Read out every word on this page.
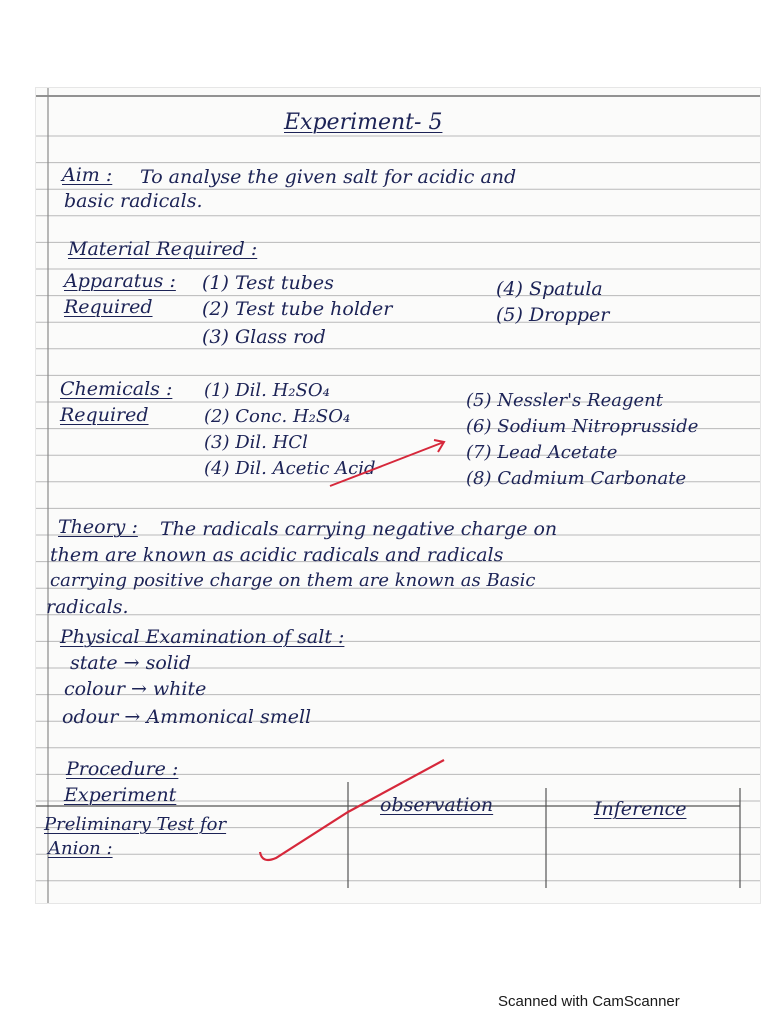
Experiment- 5
Aim : To analyse the given salt for acidic and
basic radicals.
Material Required :
Apparatus :
Required
(1) Test tubes
(2) Test tube holder
(3) Glass rod
(4) Spatula
(5) Dropper
Chemicals :
Required
(1) Dil. H₂SO₄
(2) Conc. H₂SO₄
(3) Dil. HCl
(4) Dil. Acetic Acid
(5) Nessler's Reagent
(6) Sodium Nitroprusside
(7) Lead Acetate
(8) Cadmium Carbonate
Theory : The radicals carrying negative charge on
them are known as acidic radicals and radicals
carrying positive charge on them are known as Basic
radicals.
Physical Examination of salt :
state → solid
colour → white
odour → Ammonical smell
Procedure :
Experiment	observation	Inference
Preliminary Test for
Anion :
Scanned with CamScanner
